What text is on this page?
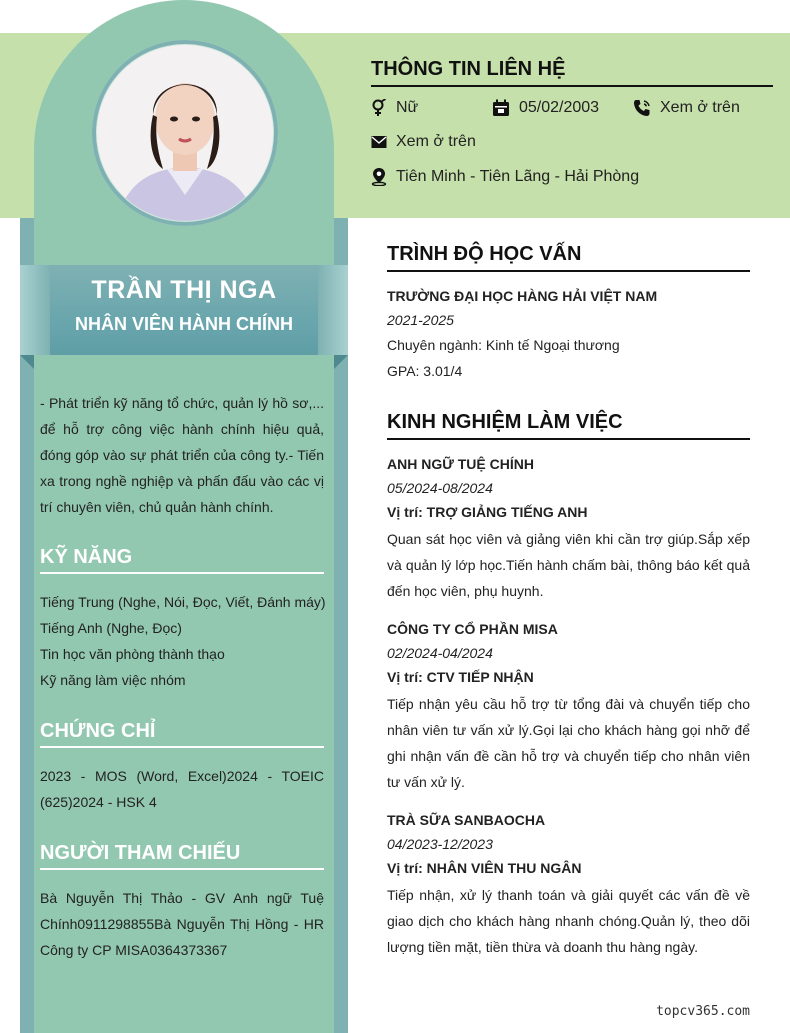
TRẦN THỊ NGA
NHÂN VIÊN HÀNH CHÍNH
- Phát triển kỹ năng tổ chức, quản lý hồ sơ,... để hỗ trợ công việc hành chính hiệu quả, đóng góp vào sự phát triển của công ty.- Tiến xa trong nghề nghiệp và phấn đấu vào các vị trí chuyên viên, chủ quản hành chính.
KỸ NĂNG
Tiếng Trung (Nghe, Nói, Đọc, Viết, Đánh máy)
Tiếng Anh (Nghe, Đọc)
Tin học văn phòng thành thạo
Kỹ năng làm việc nhóm
CHỨNG CHỈ
2023 - MOS (Word, Excel)2024 - TOEIC (625)2024 - HSK 4
NGƯỜI THAM CHIẾU
Bà Nguyễn Thị Thảo - GV Anh ngữ Tuệ Chính0911298855Bà Nguyễn Thị Hồng - HR Công ty CP MISA0364373367
THÔNG TIN LIÊN HỆ
Nữ	05/02/2003	Xem ở trên
Xem ở trên
Tiên Minh - Tiên Lãng - Hải Phòng
TRÌNH ĐỘ HỌC VẤN
TRƯỜNG ĐẠI HỌC HÀNG HẢI VIỆT NAM
2021-2025
Chuyên ngành: Kinh tế Ngoại thương
GPA: 3.01/4
KINH NGHIỆM LÀM VIỆC
ANH NGỮ TUỆ CHÍNH
05/2024-08/2024
Vị trí: TRỢ GIẢNG TIẾNG ANH
Quan sát học viên và giảng viên khi cần trợ giúp.Sắp xếp và quản lý lớp học.Tiến hành chấm bài, thông báo kết quả đến học viên, phụ huynh.
CÔNG TY CỔ PHẦN MISA
02/2024-04/2024
Vị trí: CTV TIẾP NHẬN
Tiếp nhận yêu cầu hỗ trợ từ tổng đài và chuyển tiếp cho nhân viên tư vấn xử lý.Gọi lại cho khách hàng gọi nhỡ để ghi nhận vấn đề cần hỗ trợ và chuyển tiếp cho nhân viên tư vấn xử lý.
TRÀ SỮA SANBAOCHA
04/2023-12/2023
Vị trí: NHÂN VIÊN THU NGÂN
Tiếp nhận, xử lý thanh toán và giải quyết các vấn đề về giao dịch cho khách hàng nhanh chóng.Quản lý, theo dõi lượng tiền mặt, tiền thừa và doanh thu hàng ngày.
topcv365.com
